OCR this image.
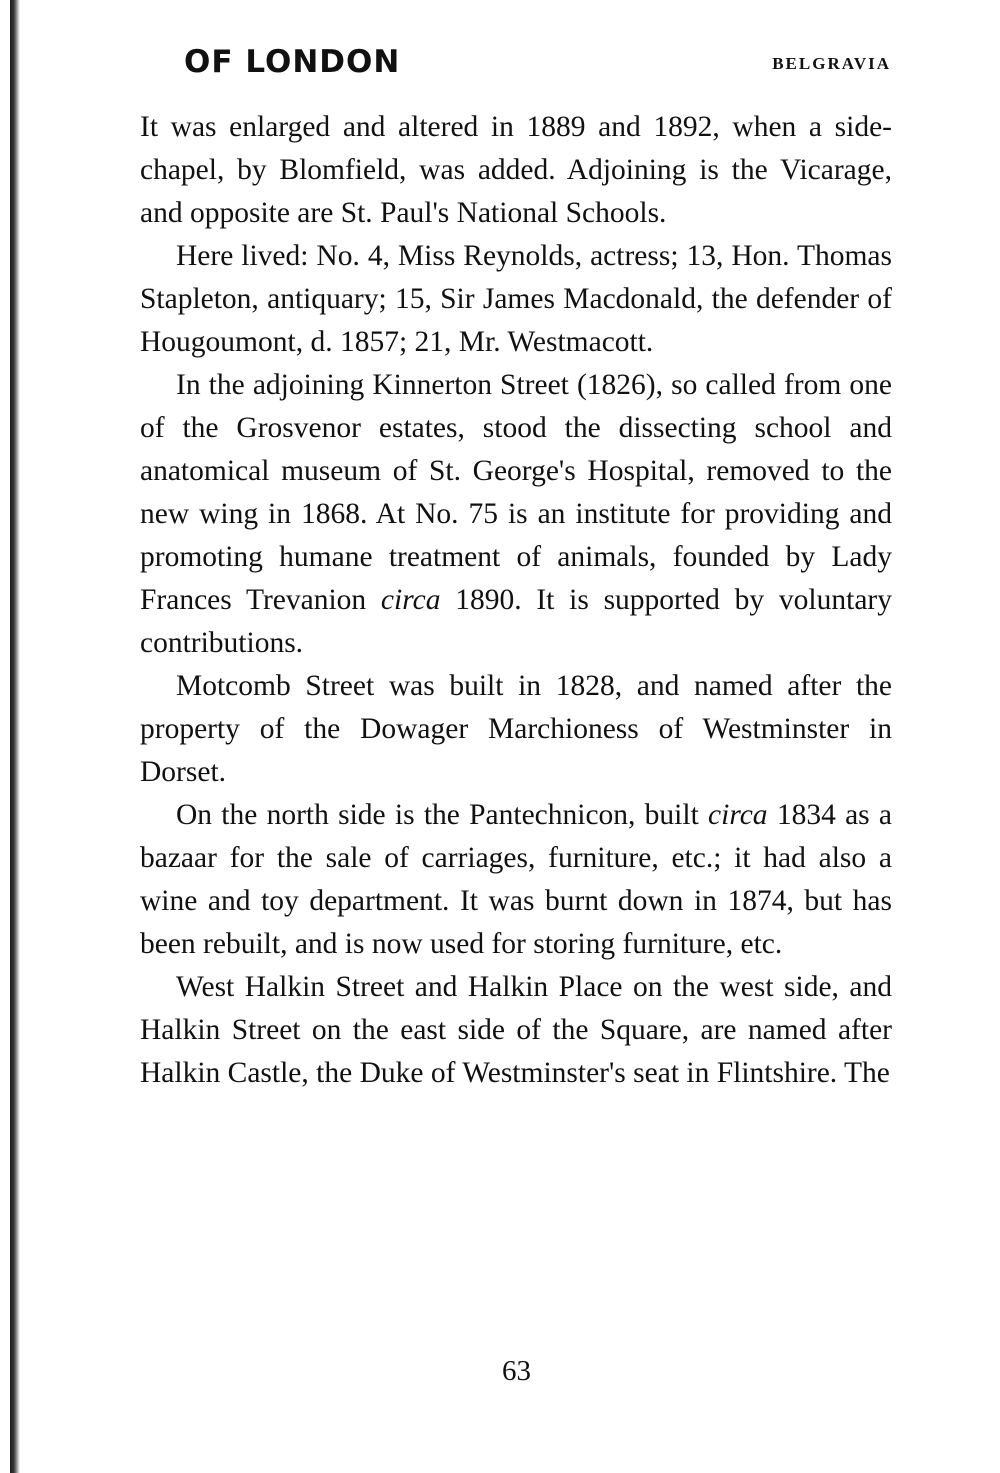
OF LONDON	BELGRAVIA

It was enlarged and altered in 1889 and 1892, when a side-chapel, by Blomfield, was added. Adjoining is the Vicarage, and opposite are St. Paul's National Schools.

Here lived: No. 4, Miss Reynolds, actress; 13, Hon. Thomas Stapleton, antiquary; 15, Sir James Macdonald, the defender of Hougoumont, d. 1857; 21, Mr. Westmacott.

In the adjoining Kinnerton Street (1826), so called from one of the Grosvenor estates, stood the dissecting school and anatomical museum of St. George's Hospital, removed to the new wing in 1868. At No. 75 is an institute for providing and promoting humane treatment of animals, founded by Lady Frances Trevanion circa 1890. It is supported by voluntary contributions.

Motcomb Street was built in 1828, and named after the property of the Dowager Marchioness of Westminster in Dorset.

On the north side is the Pantechnicon, built circa 1834 as a bazaar for the sale of carriages, furniture, etc.; it had also a wine and toy department. It was burnt down in 1874, but has been rebuilt, and is now used for storing furniture, etc.

West Halkin Street and Halkin Place on the west side, and Halkin Street on the east side of the Square, are named after Halkin Castle, the Duke of Westminster's seat in Flintshire. The

63
